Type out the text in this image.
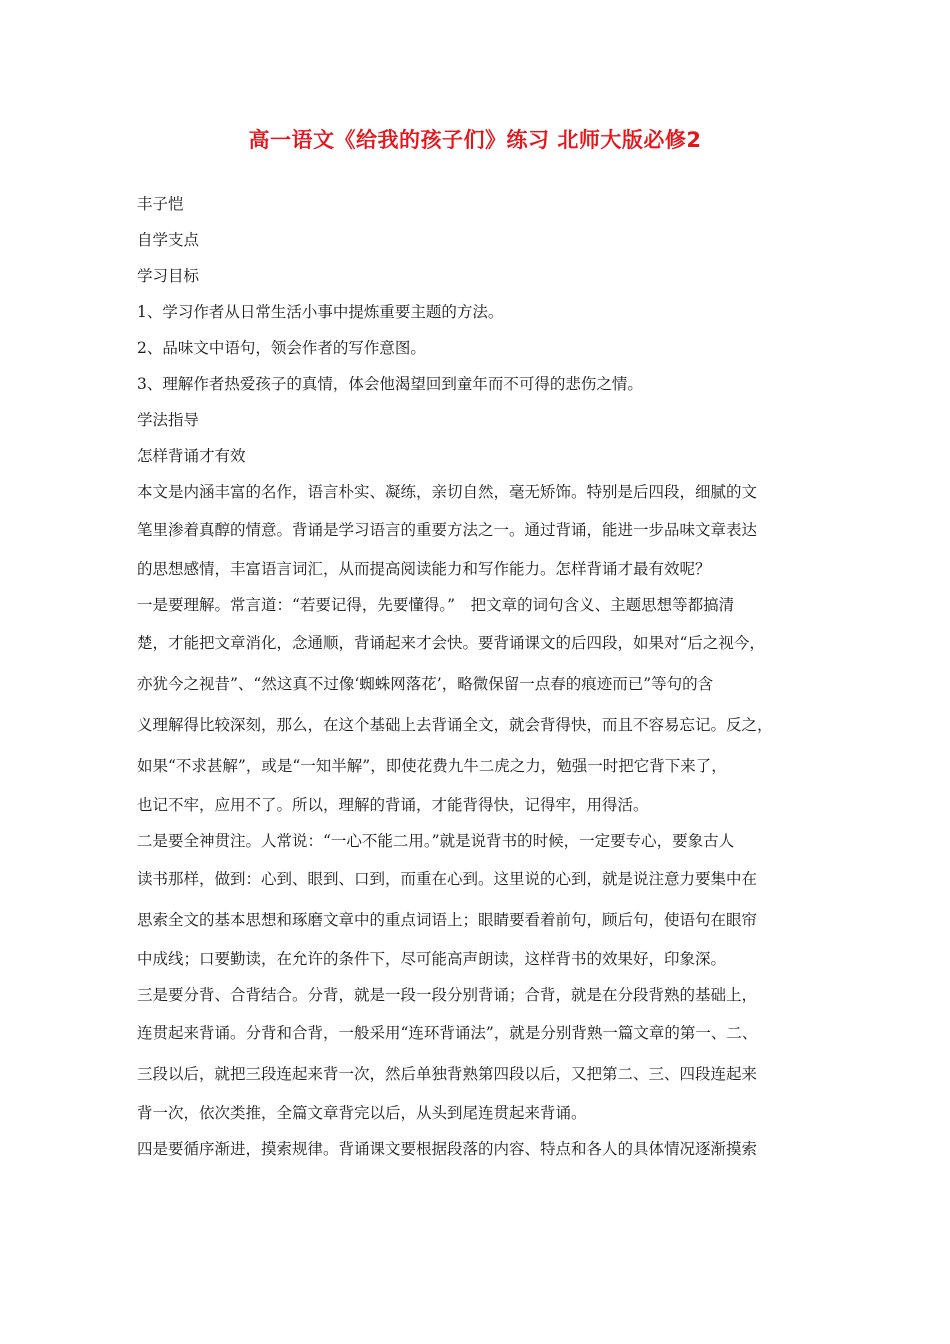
高一语文《给我的孩子们》练习 北师大版必修2
丰子恺
自学支点
学习目标
1、学习作者从日常生活小事中提炼重要主题的方法。
2、品味文中语句，领会作者的写作意图。
3、理解作者热爱孩子的真情，体会他渴望回到童年而不可得的悲伤之情。
学法指导
怎样背诵才有效
本文是内涵丰富的名作，语言朴实、凝练，亲切自然，毫无矫饰。特别是后四段，细腻的文
笔里渗着真醇的情意。背诵是学习语言的重要方法之一。通过背诵，能进一步品味文章表达
的思想感情，丰富语言词汇，从而提高阅读能力和写作能力。怎样背诵才最有效呢？
一是要理解。常言道：“若要记得，先要懂得。”　把文章的词句含义、主题思想等都搞清
楚，才能把文章消化，念通顺，背诵起来才会快。要背诵课文的后四段，如果对“后之视今，
亦犹今之视昔”、“然这真不过像‘蜘蛛网落花’，略微保留一点春的痕迹而已”等句的含
义理解得比较深刻，那么，在这个基础上去背诵全文，就会背得快，而且不容易忘记。反之，
如果“不求甚解”，或是“一知半解”，即使花费九牛二虎之力，勉强一时把它背下来了，
也记不牢，应用不了。所以，理解的背诵，才能背得快，记得牢，用得活。
二是要全神贯注。人常说：“一心不能二用。”就是说背书的时候，一定要专心，要象古人
读书那样，做到：心到、眼到、口到，而重在心到。这里说的心到，就是说注意力要集中在
思索全文的基本思想和琢磨文章中的重点词语上；眼睛要看着前句，顾后句，使语句在眼帘
中成线；口要勤读，在允许的条件下，尽可能高声朗读，这样背书的效果好，印象深。
三是要分背、合背结合。分背，就是一段一段分别背诵；合背，就是在分段背熟的基础上，
连贯起来背诵。分背和合背，一般采用“连环背诵法”，就是分别背熟一篇文章的第一、二、
三段以后，就把三段连起来背一次，然后单独背熟第四段以后，又把第二、三、四段连起来
背一次，依次类推，全篇文章背完以后，从头到尾连贯起来背诵。
四是要循序渐进，摸索规律。背诵课文要根据段落的内容、特点和各人的具体情况逐渐摸索
